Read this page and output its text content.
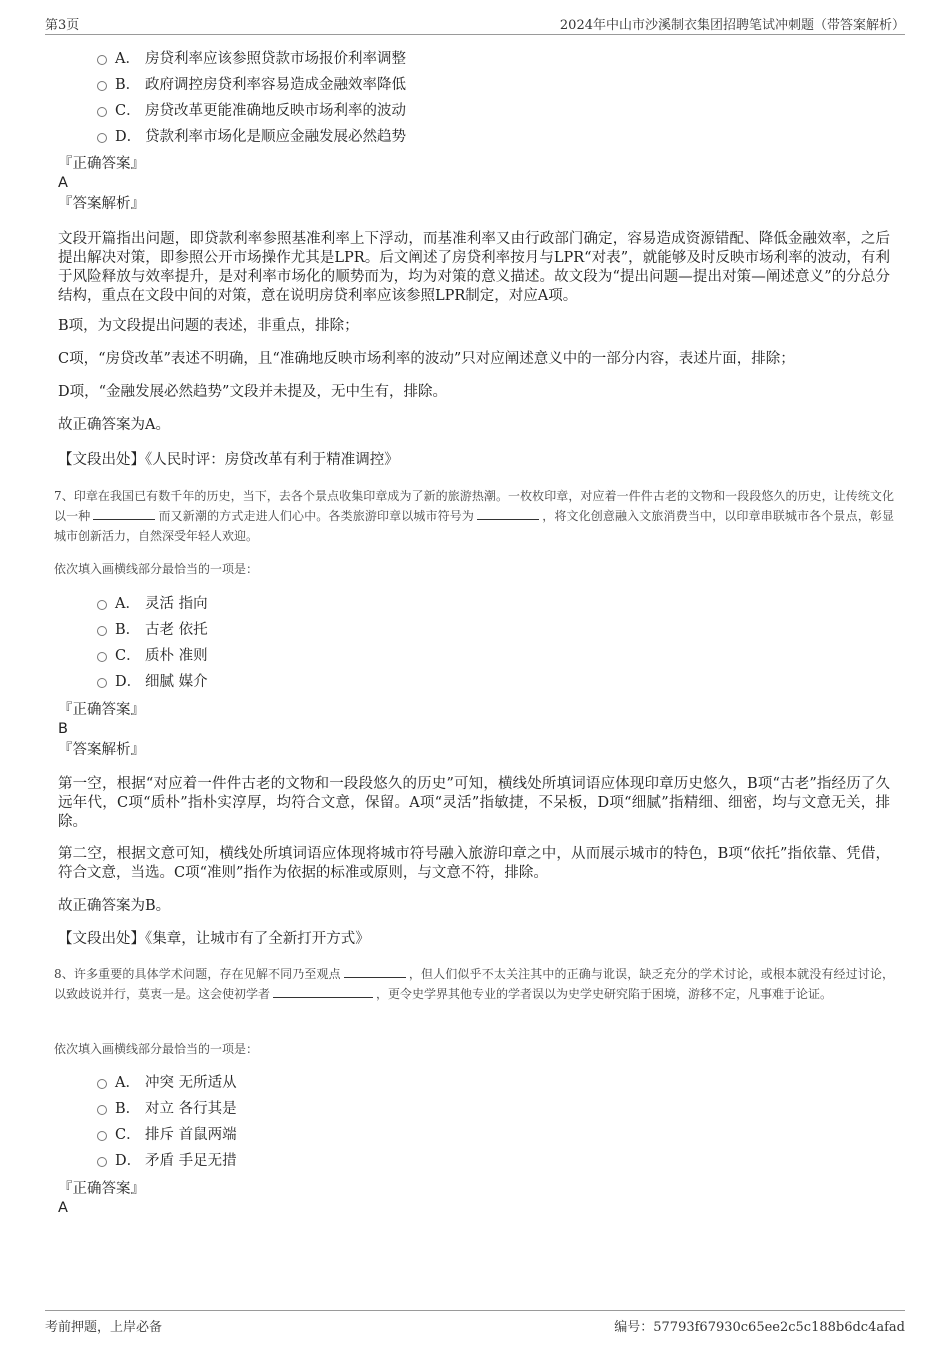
第3页	2024年中山市沙溪制衣集团招聘笔试冲刺题（带答案解析）
A． 房贷利率应该参照贷款市场报价利率调整
B． 政府调控房贷利率容易造成金融效率降低
C． 房贷改革更能准确地反映市场利率的波动
D． 贷款利率市场化是顺应金融发展必然趋势
『正确答案』
A
『答案解析』
文段开篇指出问题，即贷款利率参照基准利率上下浮动，而基准利率又由行政部门确定，容易造成资源错配、降低金融效率，之后提出解决对策，即参照公开市场操作尤其是LPR。后文阐述了房贷利率按月与LPR“对表”，就能够及时反映市场利率的波动，有利于风险释放与效率提升，是对利率市场化的顺势而为，均为对策的意义描述。故文段为“提出问题—提出对策—阐述意义”的分总分结构，重点在文段中间的对策，意在说明房贷利率应该参照LPR制定，对应A项。
B项，为文段提出问题的表述，非重点，排除；
C项，“房贷改革”表述不明确，且“准确地反映市场利率的波动”只对应阐述意义中的一部分内容，表述片面，排除；
D项，“金融发展必然趋势”文段并未提及，无中生有，排除。
故正确答案为A。
【文段出处】《人民时评：房贷改革有利于精准调控》
7、印章在我国已有数千年的历史，当下，去各个景点收集印章成为了新的旅游热潮。一枚枚印章，对应着一件件古老的文物和一段段悠久的历史，让传统文化以一种	而又新潮的方式走进人们心中。各类旅游印章以城市符号为	，将文化创意融入文旅消费当中，以印章串联城市各个景点，彰显城市创新活力，自然深受年轻人欢迎。
依次填入画横线部分最恰当的一项是：
A． 灵活 指向
B． 古老 依托
C． 质朴 准则
D． 细腻 媒介
『正确答案』
B
『答案解析』
第一空，根据“对应着一件件古老的文物和一段段悠久的历史”可知，横线处所填词语应体现印章历史悠久，B项“古老”指经历了久远年代，C项“质朴”指朴实淳厚，均符合文意，保留。A项“灵活”指敏捷，不呆板，D项“细腻”指精细、细密，均与文意无关，排除。
第二空，根据文意可知，横线处所填词语应体现将城市符号融入旅游印章之中，从而展示城市的特色，B项“依托”指依靠、凭借，符合文意，当选。C项“准则”指作为依据的标准或原则，与文意不符，排除。
故正确答案为B。
【文段出处】《集章，让城市有了全新打开方式》
8、许多重要的具体学术问题，存在见解不同乃至观点	，但人们似乎不太关注其中的正确与讹误，缺乏充分的学术讨论，或根本就没有经过讨论，以致歧说并行，莫衷一是。这会使初学者	，更令史学界其他专业的学者误以为史学史研究陷于困境，游移不定，凡事难于论证。
依次填入画横线部分最恰当的一项是：
A． 冲突 无所适从
B． 对立 各行其是
C． 排斥 首鼠两端
D． 矛盾 手足无措
『正确答案』
A
考前押题，上岸必备	编号：57793f67930c65ee2c5c188b6dc4afad
